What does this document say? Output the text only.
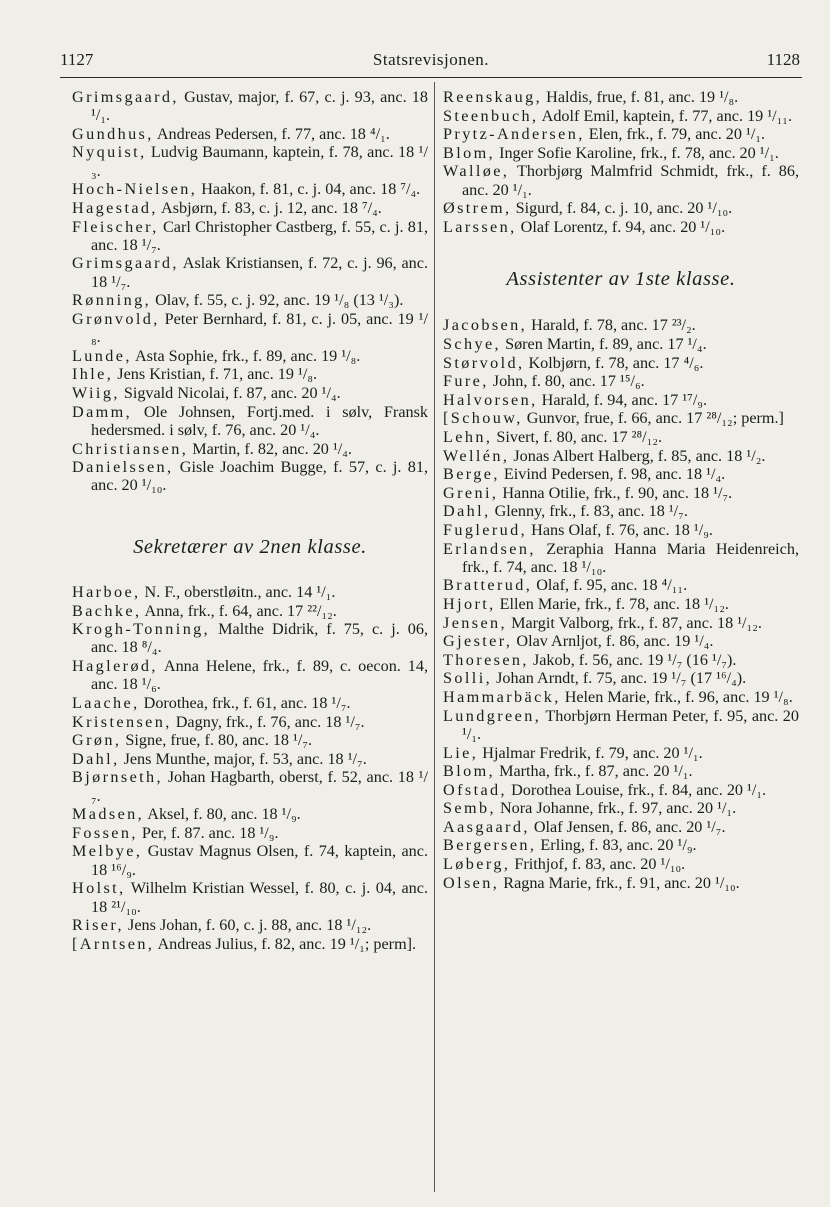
1127	Statsrevisjonen.	1128

Grimsgaard, Gustav, major, f. 67, c. j. 93, anc. 18 ¹/₁.

Gundhus, Andreas Pedersen, f. 77, anc. 18 ⁴/₁.

Nyquist, Ludvig Baumann, kaptein, f. 78, anc. 18 ¹/₃.

Hoch-Nielsen, Haakon, f. 81, c. j. 04, anc. 18 ⁷/₄.

Hagestad, Asbjørn, f. 83, c. j. 12, anc. 18 ⁷/₄.

Fleischer, Carl Christopher Castberg, f. 55, c. j. 81, anc. 18 ¹/₇.

Grimsgaard, Aslak Kristiansen, f. 72, c. j. 96, anc. 18 ¹/₇.

Rønning, Olav, f. 55, c. j. 92, anc. 19 ¹/₈ (13 ¹/₃).

Grønvold, Peter Bernhard, f. 81, c. j. 05, anc. 19 ¹/₈.

Lunde, Asta Sophie, frk., f. 89, anc. 19 ¹/₈.

Ihle, Jens Kristian, f. 71, anc. 19 ¹/₈.

Wiig, Sigvald Nicolai, f. 87, anc. 20 ¹/₄.

Damm, Ole Johnsen, Fortj.med. i sølv, Fransk hedersmed. i sølv, f. 76, anc. 20 ¹/₄.

Christiansen, Martin, f. 82, anc. 20 ¹/₄.

Danielssen, Gisle Joachim Bugge, f. 57, c. j. 81, anc. 20 ¹/₁₀.

Sekretærer av 2nen klasse.

Harboe, N. F., oberstløitn., anc. 14 ¹/₁.

Bachke, Anna, frk., f. 64, anc. 17 ²²/₁₂.

Krogh-Tonning, Malthe Didrik, f. 75, c. j. 06, anc. 18 ⁸/₄.

Haglerød, Anna Helene, frk., f. 89, c. oecon. 14, anc. 18 ¹/₆.

Laache, Dorothea, frk., f. 61, anc. 18 ¹/₇.

Kristensen, Dagny, frk., f. 76, anc. 18 ¹/₇.

Grøn, Signe, frue, f. 80, anc. 18 ¹/₇.

Dahl, Jens Munthe, major, f. 53, anc. 18 ¹/₇.

Bjørnseth, Johan Hagbarth, oberst, f. 52, anc. 18 ¹/₇.

Madsen, Aksel, f. 80, anc. 18 ¹/₉.

Fossen, Per, f. 87. anc. 18 ¹/₉.

Melbye, Gustav Magnus Olsen, f. 74, kaptein, anc. 18 ¹⁶/₉.

Holst, Wilhelm Kristian Wessel, f. 80, c. j. 04, anc. 18 ²¹/₁₀.

Riser, Jens Johan, f. 60, c. j. 88, anc. 18 ¹/₁₂.

[Arntsen, Andreas Julius, f. 82, anc. 19 ¹/₁; perm].

Reenskaug, Haldis, frue, f. 81, anc. 19 ¹/₈.

Steenbuch, Adolf Emil, kaptein, f. 77, anc. 19 ¹/₁₁.

Prytz-Andersen, Elen, frk., f. 79, anc. 20 ¹/₁.

Blom, Inger Sofie Karoline, frk., f. 78, anc. 20 ¹/₁.

Walløe, Thorbjørg Malmfrid Schmidt, frk., f. 86, anc. 20 ¹/₁.

Østrem, Sigurd, f. 84, c. j. 10, anc. 20 ¹/₁₀.

Larssen, Olaf Lorentz, f. 94, anc. 20 ¹/₁₀.

Assistenter av 1ste klasse.

Jacobsen, Harald, f. 78, anc. 17 ²³/₂.

Schye, Søren Martin, f. 89, anc. 17 ¹/₄.

Størvold, Kolbjørn, f. 78, anc. 17 ⁴/₆.

Fure, John, f. 80, anc. 17 ¹⁵/₆.

Halvorsen, Harald, f. 94, anc. 17 ¹⁷/₉.

[Schouw, Gunvor, frue, f. 66, anc. 17 ²⁸/₁₂; perm.]

Lehn, Sivert, f. 80, anc. 17 ²⁸/₁₂.

Wellén, Jonas Albert Halberg, f. 85, anc. 18 ¹/₂.

Berge, Eivind Pedersen, f. 98, anc. 18 ¹/₄.

Greni, Hanna Otilie, frk., f. 90, anc. 18 ¹/₇.

Dahl, Glenny, frk., f. 83, anc. 18 ¹/₇.

Fuglerud, Hans Olaf, f. 76, anc. 18 ¹/₉.

Erlandsen, Zeraphia Hanna Maria Heidenreich, frk., f. 74, anc. 18 ¹/₁₀.

Bratterud, Olaf, f. 95, anc. 18 ⁴/₁₁.

Hjort, Ellen Marie, frk., f. 78, anc. 18 ¹/₁₂.

Jensen, Margit Valborg, frk., f. 87, anc. 18 ¹/₁₂.

Gjester, Olav Arnljot, f. 86, anc. 19 ¹/₄.

Thoresen, Jakob, f. 56, anc. 19 ¹/₇ (16 ¹/₇).

Solli, Johan Arndt, f. 75, anc. 19 ¹/₇ (17 ¹⁶/₄).

Hammarbäck, Helen Marie, frk., f. 96, anc. 19 ¹/₈.

Lundgreen, Thorbjørn Herman Peter, f. 95, anc. 20 ¹/₁.

Lie, Hjalmar Fredrik, f. 79, anc. 20 ¹/₁.

Blom, Martha, frk., f. 87, anc. 20 ¹/₁.

Ofstad, Dorothea Louise, frk., f. 84, anc. 20 ¹/₁.

Semb, Nora Johanne, frk., f. 97, anc. 20 ¹/₁.

Aasgaard, Olaf Jensen, f. 86, anc. 20 ¹/₇.

Bergersen, Erling, f. 83, anc. 20 ¹/₉.

Løberg, Frithjof, f. 83, anc. 20 ¹/₁₀.

Olsen, Ragna Marie, frk., f. 91, anc. 20 ¹/₁₀.
